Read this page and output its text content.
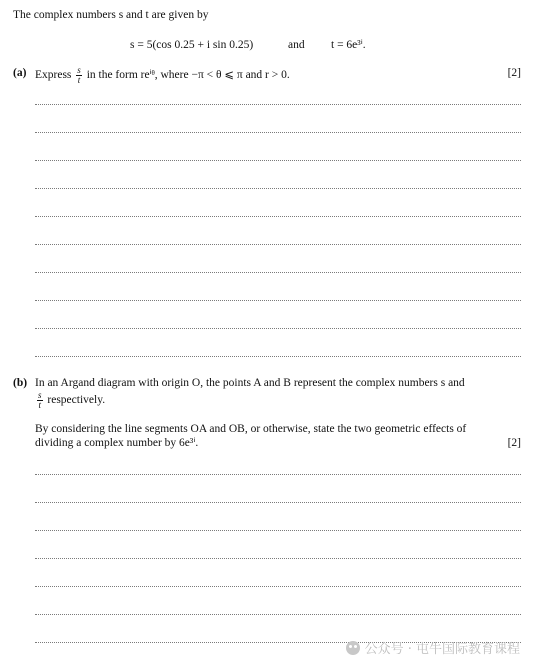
The complex numbers s and t are given by
s = 5(cos 0.25 + i sin 0.25)	and t = 6e³ⁱ.
(a) Express $\frac{s}{t}$ in the form reⁱᶿ, where −π < θ ⩽ π and r > 0.	[2]
(b) In an Argand diagram with origin O, the points A and B represent the complex numbers s and
$\frac{s}{t}$ respectively.
By considering the line segments OA and OB, or otherwise, state the two geometric effects of
dividing a complex number by 6e³ⁱ.	[2]
公众号 · 屯牛国际教育课程
